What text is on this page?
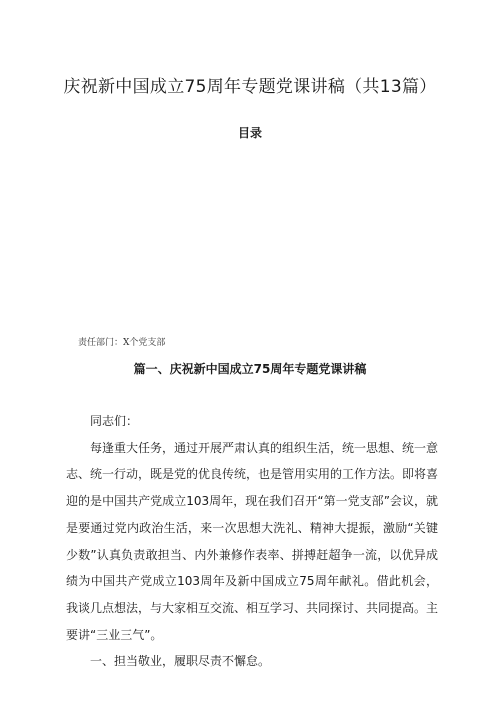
庆祝新中国成立75周年专题党课讲稿（共13篇）
目录
责任部门：X个党支部
篇一、庆祝新中国成立75周年专题党课讲稿

同志们：

每逢重大任务，通过开展严肃认真的组织生活，统一思想、统一意志、统一行动，既是党的优良传统，也是管用实用的工作方法。即将喜迎的是中国共产党成立103周年，现在我们召开“第一党支部”会议，就是要通过党内政治生活，来一次思想大洗礼、精神大提振，激励“关键少数”认真负责敢担当、内外兼修作表率、拼搏赶超争一流，以优异成绩为中国共产党成立103周年及新中国成立75周年献礼。借此机会，我谈几点想法，与大家相互交流、相互学习、共同探讨、共同提高。主要讲“三业三气”。

一、担当敬业，履职尽责不懈怠。
